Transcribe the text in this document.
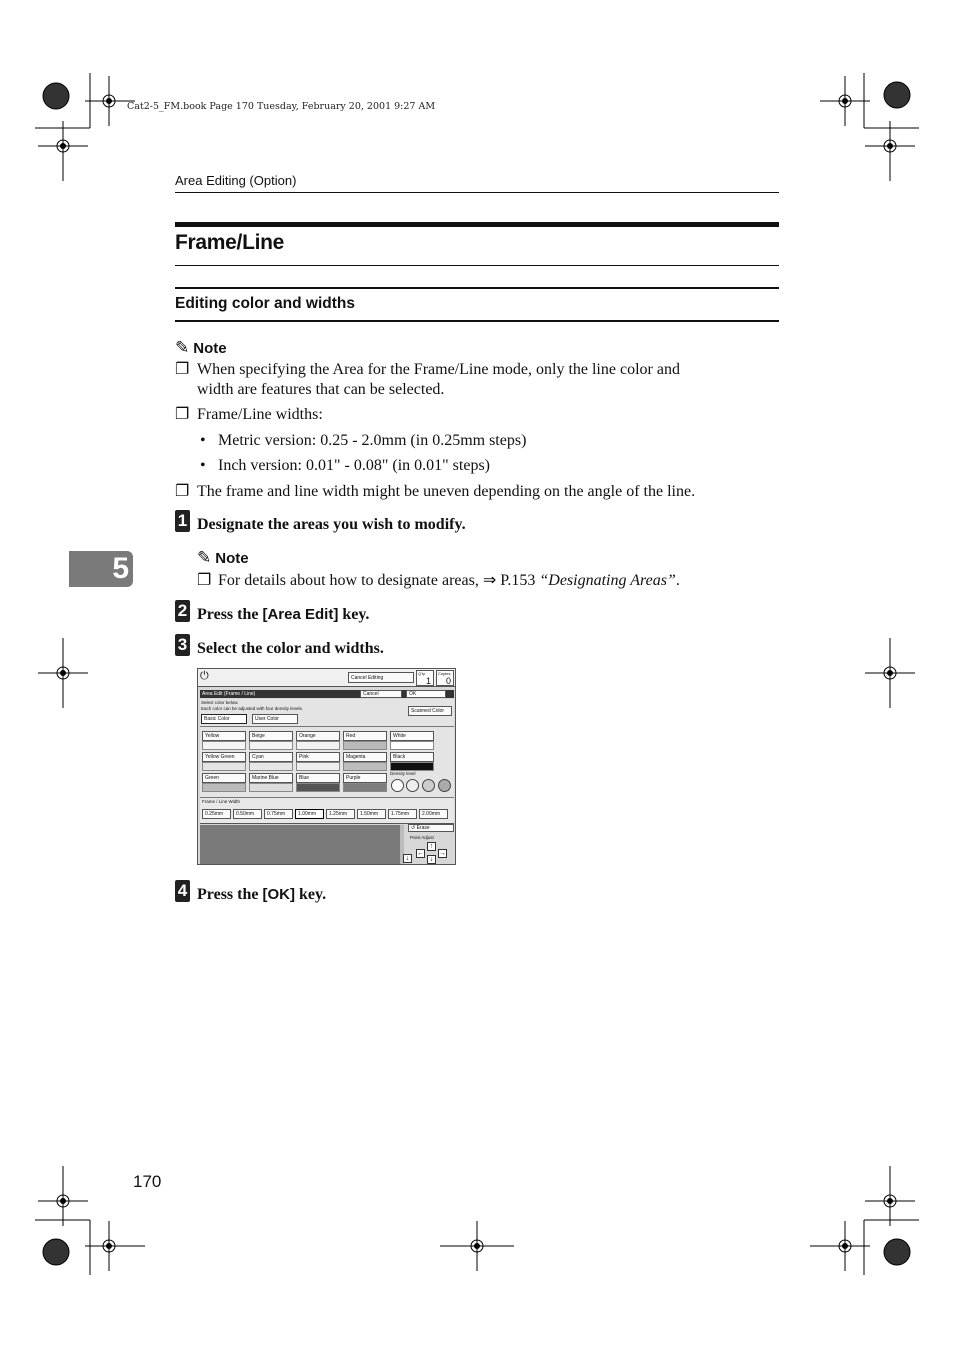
Cat2-5_FM.book Page 170 Tuesday, February 20, 2001 9:27 AM
Area Editing (Option)
Frame/Line
Editing color and widths
✎ Note
❐ When specifying the Area for the Frame/Line mode, only the line color and
width are features that can be selected.
❐ Frame/Line widths:
• Metric version: 0.25 - 2.0mm (in 0.25mm steps)
• Inch version: 0.01" - 0.08" (in 0.01" steps)
❐ The frame and line width might be uneven depending on the angle of the line.
1 Designate the areas you wish to modify.
✎ Note
❐ For details about how to designate areas, ⇒ P.153 “Designating Areas”.
5
2 Press the [Area Edit] key.
3 Select the color and widths.
⏻	Cancel Editing
Q'ty
1
Copies
0
Area Edit (Frame / Line)	Cancel	OK
Select color below.
Each color can be adjusted with four density levels.
Basic Color	User Color
Scanned Color
Density level
Frame / Line Width
↺ Erase
Point Adjust
↑
← →
↓
↓
Yellow	Beige	Orange	Red	White
Yellow Green	Cyan	Pink	Magenta	Black
Green	Marine Blue	Blue	Purple
0.25mm	0.50mm	0.75mm	1.00mm	1.25mm	1.50mm	1.75mm	2.00mm
4 Press the [OK] key.
170
